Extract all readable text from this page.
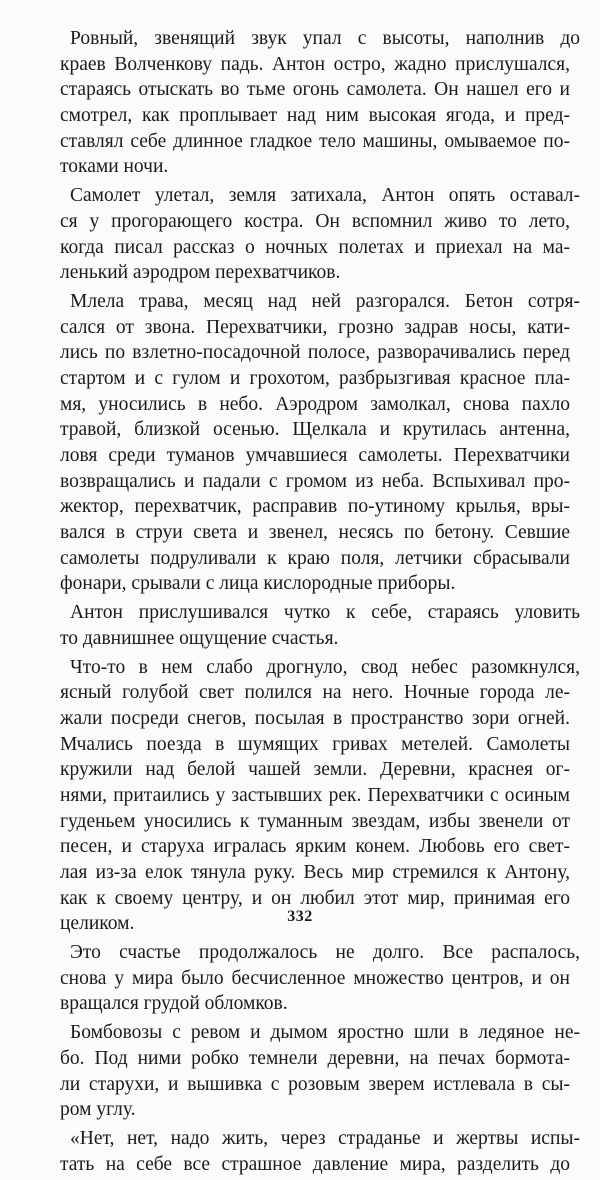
Ровный, звенящий звук упал с высоты, наполнив до
краев Волченкову падь. Антон остро, жадно прислушался,
стараясь отыскать во тьме огонь самолета. Он нашел его и
смотрел, как проплывает над ним высокая ягода, и пред-
ставлял себе длинное гладкое тело машины, омываемое по-
токами ночи.
Самолет улетал, земля затихала, Антон опять оставал-
ся у прогорающего костра. Он вспомнил живо то лето,
когда писал рассказ о ночных полетах и приехал на ма-
ленький аэродром перехватчиков.
Млела трава, месяц над ней разгорался. Бетон сотря-
сался от звона. Перехватчики, грозно задрав носы, кати-
лись по взлетно-посадочной полосе, разворачивались перед
стартом и с гулом и грохотом, разбрызгивая красное пла-
мя, уносились в небо. Аэродром замолкал, снова пахло
травой, близкой осенью. Щелкала и крутилась антенна,
ловя среди туманов умчавшиеся самолеты. Перехватчики
возвращались и падали с громом из неба. Вспыхивал про-
жектор, перехватчик, расправив по-утиному крылья, вры-
вался в струи света и звенел, несясь по бетону. Севшие
самолеты подруливали к краю поля, летчики сбрасывали
фонари, срывали с лица кислородные приборы.
Антон прислушивался чутко к себе, стараясь уловить
то давнишнее ощущение счастья.
Что-то в нем слабо дрогнуло, свод небес разомкнулся,
ясный голубой свет полился на него. Ночные города ле-
жали посреди снегов, посылая в пространство зори огней.
Мчались поезда в шумящих гривах метелей. Самолеты
кружили над белой чашей земли. Деревни, краснея ог-
нями, притаились у застывших рек. Перехватчики с осиным
гуденьем уносились к туманным звездам, избы звенели от
песен, и старуха игралась ярким конем. Любовь его свет-
лая из-за елок тянула руку. Весь мир стремился к Антону,
как к своему центру, и он любил этот мир, принимая его
целиком.
Это счастье продолжалось не долго. Все распалось,
снова у мира было бесчисленное множество центров, и он
вращался грудой обломков.
Бомбовозы с ревом и дымом яростно шли в ледяное не-
бо. Под ними робко темнели деревни, на печах бормота-
ли старухи, и вышивка с розовым зверем истлевала в сы-
ром углу.
«Нет, нет, надо жить, через страданье и жертвы испы-
тать на себе все страшное давление мира, разделить до
332
